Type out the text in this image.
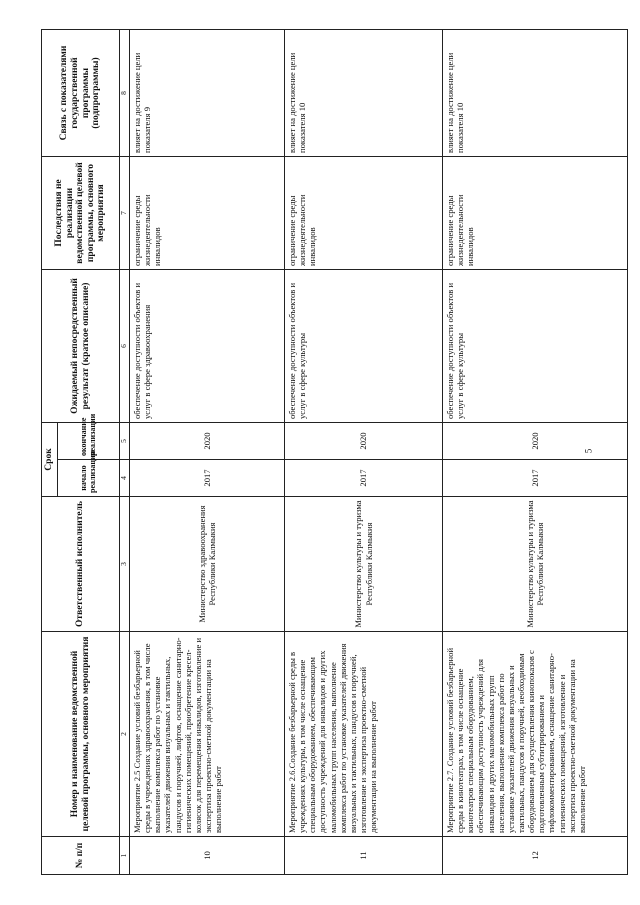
№ п/п	Номер и наименование ведомственной целевой программы, основного мероприятия	Ответственный исполнитель	Срок		Ожидаемый непосредственный результат (краткое описание)	Последствия не реализации ведомственной целевой программы, основного мероприятия	Связь с показателями государственной программы (подпрограммы)
			начало реализации	окончание реализации			
1	2	3	4	5	6	7	8
10	Мероприятие 2.5 Создание условий безбарьерной среды в учреждениях здравоохранения, в том числе выполнение комплекса работ по установке указателей движения визуальных и тактильных, пандусов и поручней, лифтов, оснащение санитарно-гигиенических помещений, приобретение кресел-колясок для перемещения инвалидов, изготовление и экспертиза проектно-сметной документации на выполнение работ	Министерство здравоохранения Республики Калмыкия	2017	2020	обеспечение доступности объектов и услуг в сфере здравоохранения	ограничение среды жизнедеятельности инвалидов	влияет на достижение цели показателя 9
11	Мероприятие 2.6.Создание безбарьерной среды в учреждениях культуры, в том числе оснащение специальным оборудованием, обеспечивающим доступность учреждений для инвалидов и других маломобильных групп населения, выполнение комплекса работ по установке указателей движения визуальных и тактильных, пандусов и поручней, изготовление и экспертиза проектно-сметной документации на выполнение работ	Министерство культуры и туризма Республики Калмыкия	2017	2020	обеспечение доступности объектов и услуг в сфере культуры	ограничение среды жизнедеятельности инвалидов	влияет на достижение цели показателя 10
12	Мероприятие 2.7. Создание условий безбарьерной среды в кинотеатрах, в том числе оснащение кинотеатров специальным оборудованием, обеспечивающим доступность учреждений для инвалидов и других маломобильных групп населения, выполнение комплекса работ по установке указателей движения визуальных и тактильных, пандусов и поручней, необходимым оборудованием для осуществления кинопоказов с подготовленным субтитрированием и тифлокомментированием, оснащение санитарно-гигиенических помещений, изготовление и экспертиза проектно-сметной документации на выполнение работ	Министерство культуры и туризма Республики Калмыкия	2017	2020	обеспечение доступности объектов и услуг в сфере культуры	ограничение среды жизнедеятельности инвалидов	влияет на достижение цели показателя 10
5
